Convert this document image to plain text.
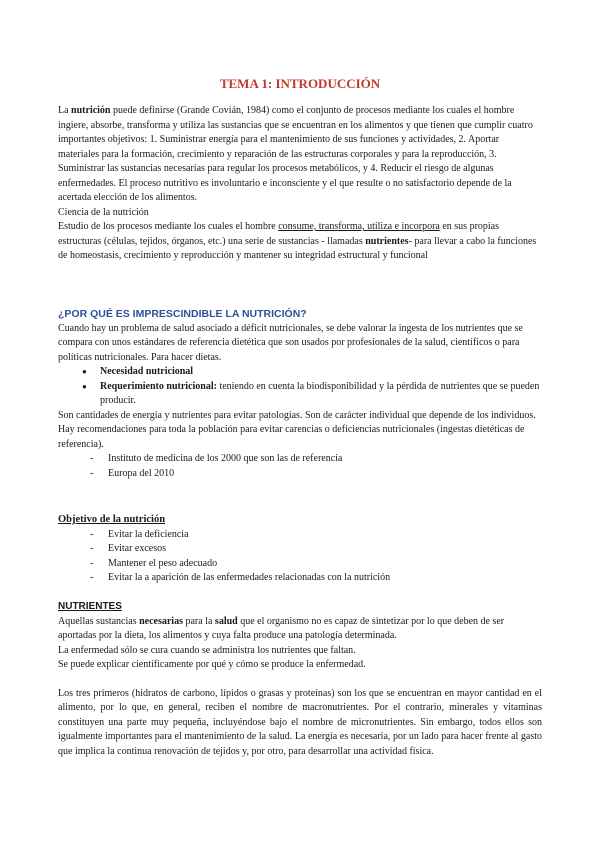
TEMA 1: INTRODUCCIÓN

La nutrición puede definirse (Grande Covián, 1984) como el conjunto de procesos mediante los cuales el hombre ingiere, absorbe, transforma y utiliza las sustancias que se encuentran en los alimentos y que tienen que cumplir cuatro importantes objetivos: 1. Suministrar energía para el mantenimiento de sus funciones y actividades, 2. Aportar materiales para la formación, crecimiento y reparación de las estructuras corporales y para la reproducción, 3. Suministrar las sustancias necesarias para regular los procesos metabólicos, y 4. Reducir el riesgo de algunas enfermedades. El proceso nutritivo es involuntario e inconsciente y el que resulte o no satisfactorio depende de la acertada elección de los alimentos.

Ciencia de la nutrición

Estudio de los procesos mediante los cuales el hombre consume, transforma, utiliza e incorpora en sus propias estructuras (células, tejidos, órganos, etc.) una serie de sustancias - llamadas nutrientes- para llevar a cabo la funciones de homeostasis, crecimiento y reproducción y mantener su integridad estructural y funcional

¿POR QUÉ ES IMPRESCINDIBLE LA NUTRICIÓN?

Cuando hay un problema de salud asociado a déficit nutricionales, se debe valorar la ingesta de los nutrientes que se compara con unos estándares de referencia dietética que son usados por profesionales de la salud, científicos o para políticas nutricionales. Para hacer dietas.

● Necesidad nutricional
● Requerimiento nutricional: teniendo en cuenta la biodisponibilidad y la pérdida de nutrientes que se pueden producir.

Son cantidades de energía y nutrientes para evitar patologías. Son de carácter individual que depende de los individuos.

Hay recomendaciones para toda la población para evitar carencias o deficiencias nutricionales (ingestas dietéticas de referencia).

- Instituto de medicina de los 2000 que son las de referencia
- Europa del 2010

Objetivo de la nutrición

- Evitar la deficiencia
- Evitar excesos
- Mantener el peso adecuado
- Evitar la a aparición de las enfermedades relacionadas con la nutrición

NUTRIENTES

Aquellas sustancias necesarias para la salud que el organismo no es capaz de sintetizar por lo que deben de ser aportadas por la dieta, los alimentos y cuya falta produce una patología determinada.

La enfermedad sólo se cura cuando se administra los nutrientes que faltan.

Se puede explicar científicamente por qué y cómo se produce la enfermedad.

Los tres primeros (hidratos de carbono, lípidos o grasas y proteínas) son los que se encuentran en mayor cantidad en el alimento, por lo que, en general, reciben el nombre de macronutrientes. Por el contrario, minerales y vitaminas constituyen una parte muy pequeña, incluyéndose bajo el nombre de micronutrientes. Sin embargo, todos ellos son igualmente importantes para el mantenimiento de la salud. La energía es necesaria, por un lado para hacer frente al gasto que implica la continua renovación de tejidos y, por otro, para desarrollar una actividad física.
